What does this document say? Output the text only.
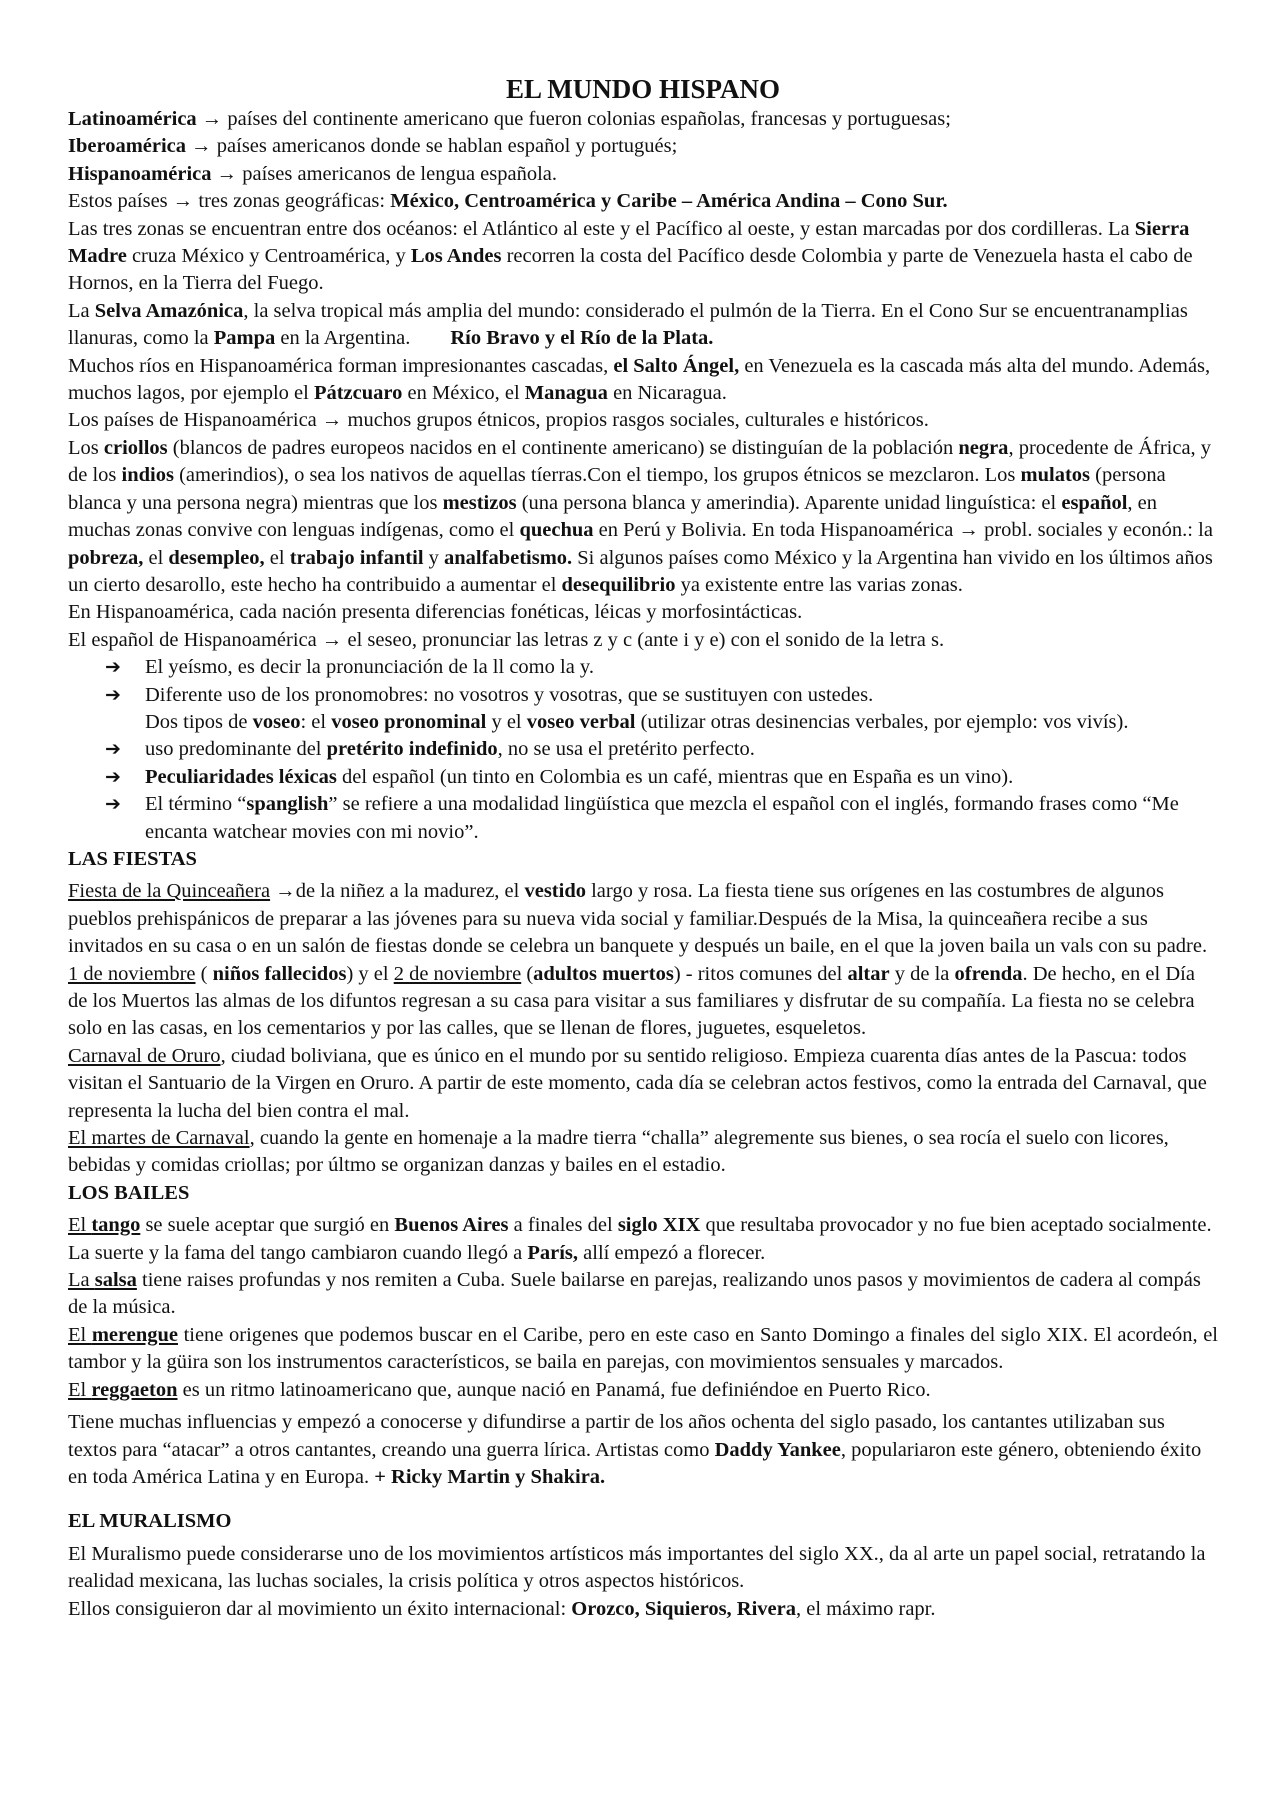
EL MUNDO HISPANO

Latinoamérica → países del continente americano que fueron colonias españolas, francesas y portuguesas;

Iberoamérica → países americanos donde se hablan español y portugués;

Hispanoamérica → países americanos de lengua española.

Estos países → tres zonas geográficas: México, Centroamérica y Caribe – América Andina – Cono Sur.

Las tres zonas se encuentran entre dos océanos: el Atlántico al este y el Pacífico al oeste, y estan marcadas por dos cordilleras. La Sierra Madre cruza México y Centroamérica, y Los Andes recorren la costa del Pacífico desde Colombia y parte de Venezuela hasta el cabo de Hornos, en la Tierra del Fuego.

La Selva Amazónica, la selva tropical más amplia del mundo: considerado el pulmón de la Tierra. En el Cono Sur se encuentranamplias llanuras, como la Pampa en la Argentina. Río Bravo y el Río de la Plata.

Muchos ríos en Hispanoamérica forman impresionantes cascadas, el Salto Ángel, en Venezuela es la cascada más alta del mundo. Además, muchos lagos, por ejemplo el Pátzcuaro en México, el Managua en Nicaragua.

Los países de Hispanoamérica → muchos grupos étnicos, propios rasgos sociales, culturales e históricos.

Los criollos (blancos de padres europeos nacidos en el continente americano) se distinguían de la población negra, procedente de África, y de los indios (amerindios), o sea los nativos de aquellas tíerras.Con el tiempo, los grupos étnicos se mezclaron. Los mulatos (persona blanca y una persona negra) mientras que los mestizos (una persona blanca y amerindia). Aparente unidad linguística: el español, en muchas zonas convive con lenguas indígenas, como el quechua en Perú y Bolivia. En toda Hispanoamérica → probl. sociales y econón.: la pobreza, el desempleo, el trabajo infantil y analfabetismo. Si algunos países como México y la Argentina han vivido en los últimos años un cierto desarollo, este hecho ha contribuido a aumentar el desequilibrio ya existente entre las varias zonas.

En Hispanoamérica, cada nación presenta diferencias fonéticas, léicas y morfosintácticas.

El español de Hispanoamérica → el seseo, pronunciar las letras z y c (ante i y e) con el sonido de la letra s.

➔ El yeísmo, es decir la pronunciación de la ll como la y.
➔ Diferente uso de los pronomobres: no vosotros y vosotras, que se sustituyen con ustedes.
Dos tipos de voseo: el voseo pronominal y el voseo verbal (utilizar otras desinencias verbales, por ejemplo: vos vivís).
➔ uso predominante del pretérito indefinido, no se usa el pretérito perfecto.
➔ Peculiaridades léxicas del español (un tinto en Colombia es un café, mientras que en España es un vino).
➔ El término “spanglish” se refiere a una modalidad lingüística que mezcla el español con el inglés, formando frases como “Me encanta watchear movies con mi novio”.

LAS FIESTAS

Fiesta de la Quinceañera →de la niñez a la madurez, el vestido largo y rosa. La fiesta tiene sus orígenes en las costumbres de algunos pueblos prehispánicos de preparar a las jóvenes para su nueva vida social y familiar.Después de la Misa, la quinceañera recibe a sus invitados en su casa o en un salón de fiestas donde se celebra un banquete y después un baile, en el que la joven baila un vals con su padre.

1 de noviembre ( niños fallecidos) y el 2 de noviembre (adultos muertos) - ritos comunes del altar y de la ofrenda. De hecho, en el Día de los Muertos las almas de los difuntos regresan a su casa para visitar a sus familiares y disfrutar de su compañía. La fiesta no se celebra solo en las casas, en los cementarios y por las calles, que se llenan de flores, juguetes, esqueletos.

Carnaval de Oruro, ciudad boliviana, que es único en el mundo por su sentido religioso. Empieza cuarenta días antes de la Pascua: todos visitan el Santuario de la Virgen en Oruro. A partir de este momento, cada día se celebran actos festivos, como la entrada del Carnaval, que representa la lucha del bien contra el mal.

El martes de Carnaval, cuando la gente en homenaje a la madre tierra “challa” alegremente sus bienes, o sea rocía el suelo con licores, bebidas y comidas criollas; por últmo se organizan danzas y bailes en el estadio.

LOS BAILES

El tango se suele aceptar que surgió en Buenos Aires a finales del siglo XIX que resultaba provocador y no fue bien aceptado socialmente. La suerte y la fama del tango cambiaron cuando llegó a París, allí empezó a florecer.

La salsa tiene raises profundas y nos remiten a Cuba. Suele bailarse en parejas, realizando unos pasos y movimientos de cadera al compás de la música.

El merengue tiene origenes que podemos buscar en el Caribe, pero en este caso en Santo Domingo a finales del siglo XIX. El acordeón, el tambor y la güira son los instrumentos característicos, se baila en parejas, con movimientos sensuales y marcados.

El reggaeton es un ritmo latinoamericano que, aunque nació en Panamá, fue definiéndoe en Puerto Rico.

Tiene muchas influencias y empezó a conocerse y difundirse a partir de los años ochenta del siglo pasado, los cantantes utilizaban sus textos para “atacar” a otros cantantes, creando una guerra lírica. Artistas como Daddy Yankee, populariaron este género, obteniendo éxito en toda América Latina y en Europa. + Ricky Martin y Shakira.

EL MURALISMO

El Muralismo puede considerarse uno de los movimientos artísticos más importantes del siglo XX., da al arte un papel social, retratando la realidad mexicana, las luchas sociales, la crisis política y otros aspectos históricos.

Ellos consiguieron dar al movimiento un éxito internacional: Orozco, Siquieros, Rivera, el máximo rapr.
